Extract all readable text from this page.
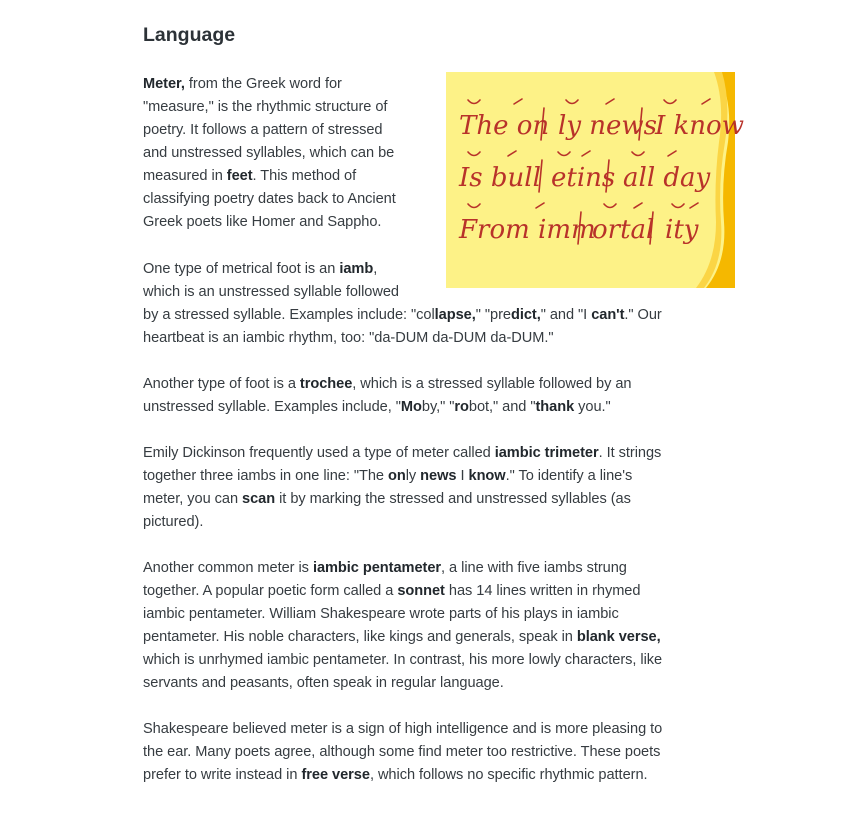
Language
Meter, from the Greek word for
"measure," is the rhythmic structure of
poetry. It follows a pattern of stressed
and unstressed syllables, which can be
measured in feet. This method of
classifying poetry dates back to Ancient
Greek poets like Homer and Sappho.
One type of metrical foot is an iamb,
which is an unstressed syllable followed
by a stressed syllable. Examples include: "collapse," "predict," and "I can't." Our
heartbeat is an iambic rhythm, too: "da-DUM da-DUM da-DUM."
Another type of foot is a trochee, which is a stressed syllable followed by an
unstressed syllable. Examples include, "Moby," "robot," and "thank you."
Emily Dickinson frequently used a type of meter called iambic trimeter. It strings
together three iambs in one line: "The only news I know." To identify a line's
meter, you can scan it by marking the stressed and unstressed syllables (as
pictured).
Another common meter is iambic pentameter, a line with five iambs strung
together. A popular poetic form called a sonnet has 14 lines written in rhymed
iambic pentameter. William Shakespeare wrote parts of his plays in iambic
pentameter. His noble characters, like kings and generals, speak in blank verse,
which is unrhymed iambic pentameter. In contrast, his more lowly characters, like
servants and peasants, often speak in regular language.
Shakespeare believed meter is a sign of high intelligence and is more pleasing to
the ear. Many poets agree, although some find meter too restrictive. These poets
prefer to write instead in free verse, which follows no specific rhythmic pattern.
The on ly news
I know
Is bull etins all day
From imm
ortal ity
